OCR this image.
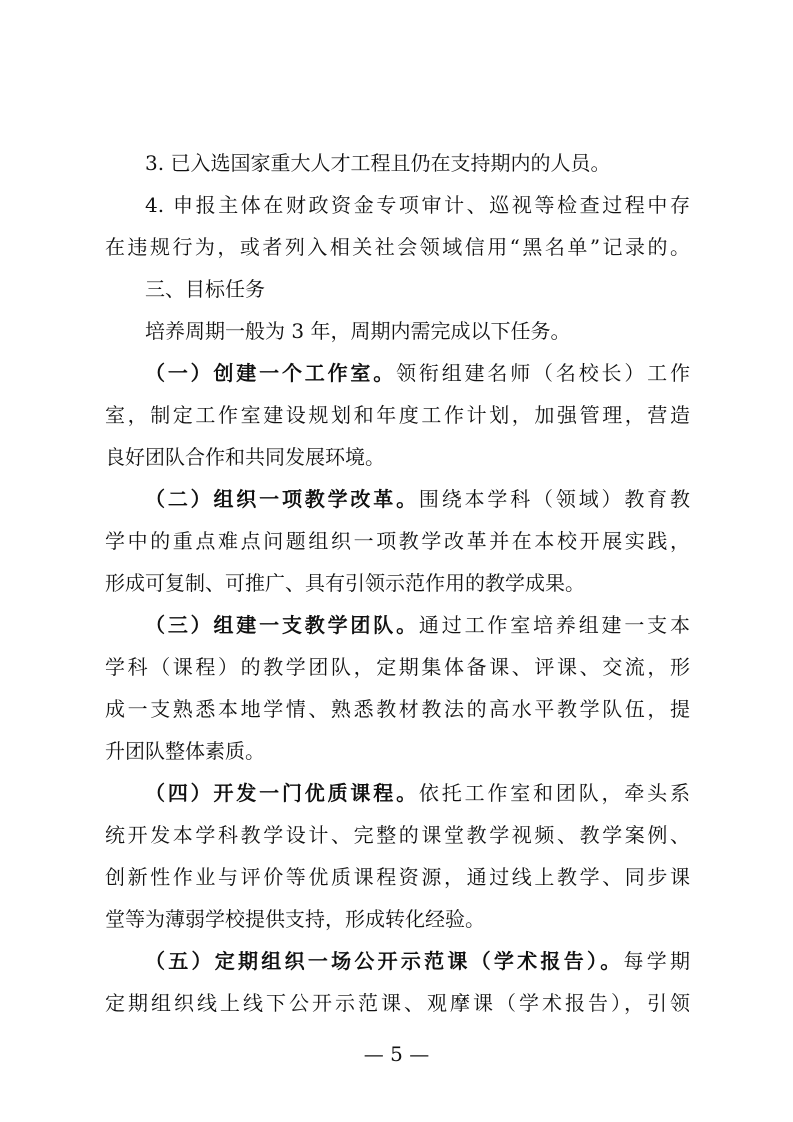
3. 已入选国家重大人才工程且仍在支持期内的人员。
4. 申报主体在财政资金专项审计、巡视等检查过程中存
在违规行为，或者列入相关社会领域信用“黑名单”记录的。
三、目标任务
培养周期一般为 3 年，周期内需完成以下任务。
（一）创建一个工作室。领衔组建名师（名校长）工作
室，制定工作室建设规划和年度工作计划，加强管理，营造
良好团队合作和共同发展环境。
（二）组织一项教学改革。围绕本学科（领域）教育教
学中的重点难点问题组织一项教学改革并在本校开展实践，
形成可复制、可推广、具有引领示范作用的教学成果。
（三）组建一支教学团队。通过工作室培养组建一支本
学科（课程）的教学团队，定期集体备课、评课、交流，形
成一支熟悉本地学情、熟悉教材教法的高水平教学队伍，提
升团队整体素质。
（四）开发一门优质课程。依托工作室和团队，牵头系
统开发本学科教学设计、完整的课堂教学视频、教学案例、
创新性作业与评价等优质课程资源，通过线上教学、同步课
堂等为薄弱学校提供支持，形成转化经验。
（五）定期组织一场公开示范课（学术报告）。每学期
定期组织线上线下公开示范课、观摩课（学术报告），引领
— 5 —
